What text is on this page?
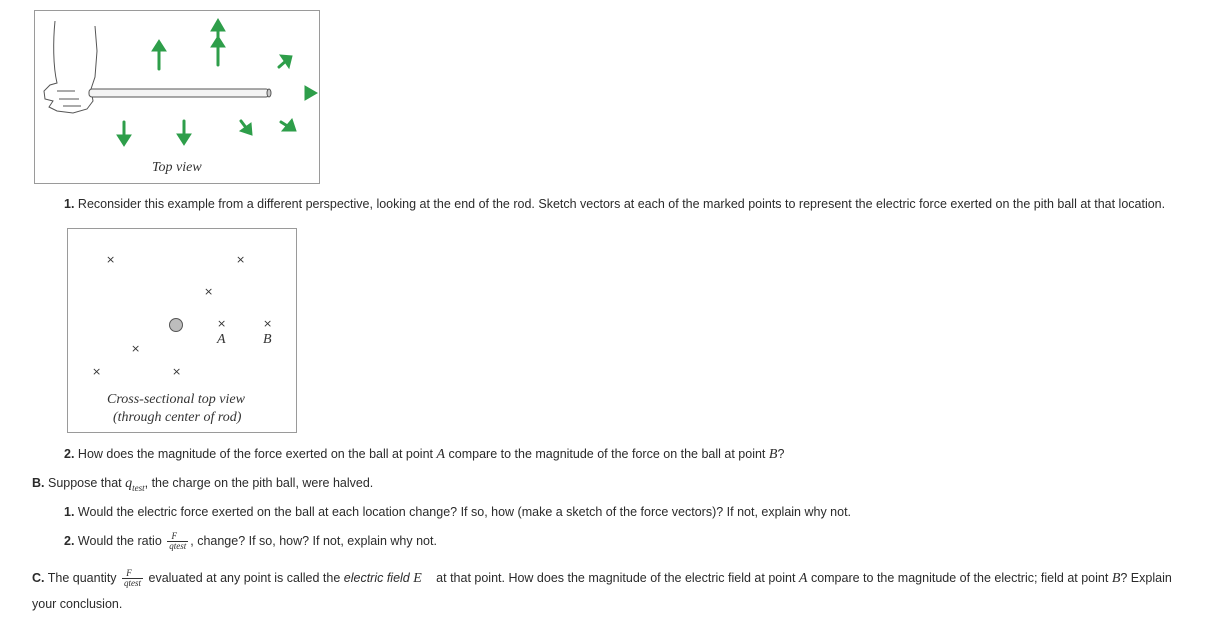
Top view
1. Reconsider this example from a different perspective, looking at the end of the rod. Sketch vectors at each of the marked points to represent the electric force exerted on the pith ball at that location.
×	×
×
×	×
A	B
×
×
×
Cross-sectional top view
(through center of rod)
2. How does the magnitude of the force exerted on the ball at point A compare to the magnitude of the force on the ball at point B?
B. Suppose that $q_{test}$, the charge on the pith ball, were halved.
1. Would the electric force exerted on the ball at each location change? If so, how (make a sketch of the force vectors)? If not, explain why not.
2. Would the ratio $\frac{F⃗}{\text{qtest}}$ , change? If so, how? If not, explain why not.
C. The quantity $\frac{F⃗}{\text{qtest}}$ evaluated at any point is called the electric field E⃗ at that point. How does the magnitude of the electric field at point A compare to the magnitude of the electric; field at point B? Explain
your conclusion.
